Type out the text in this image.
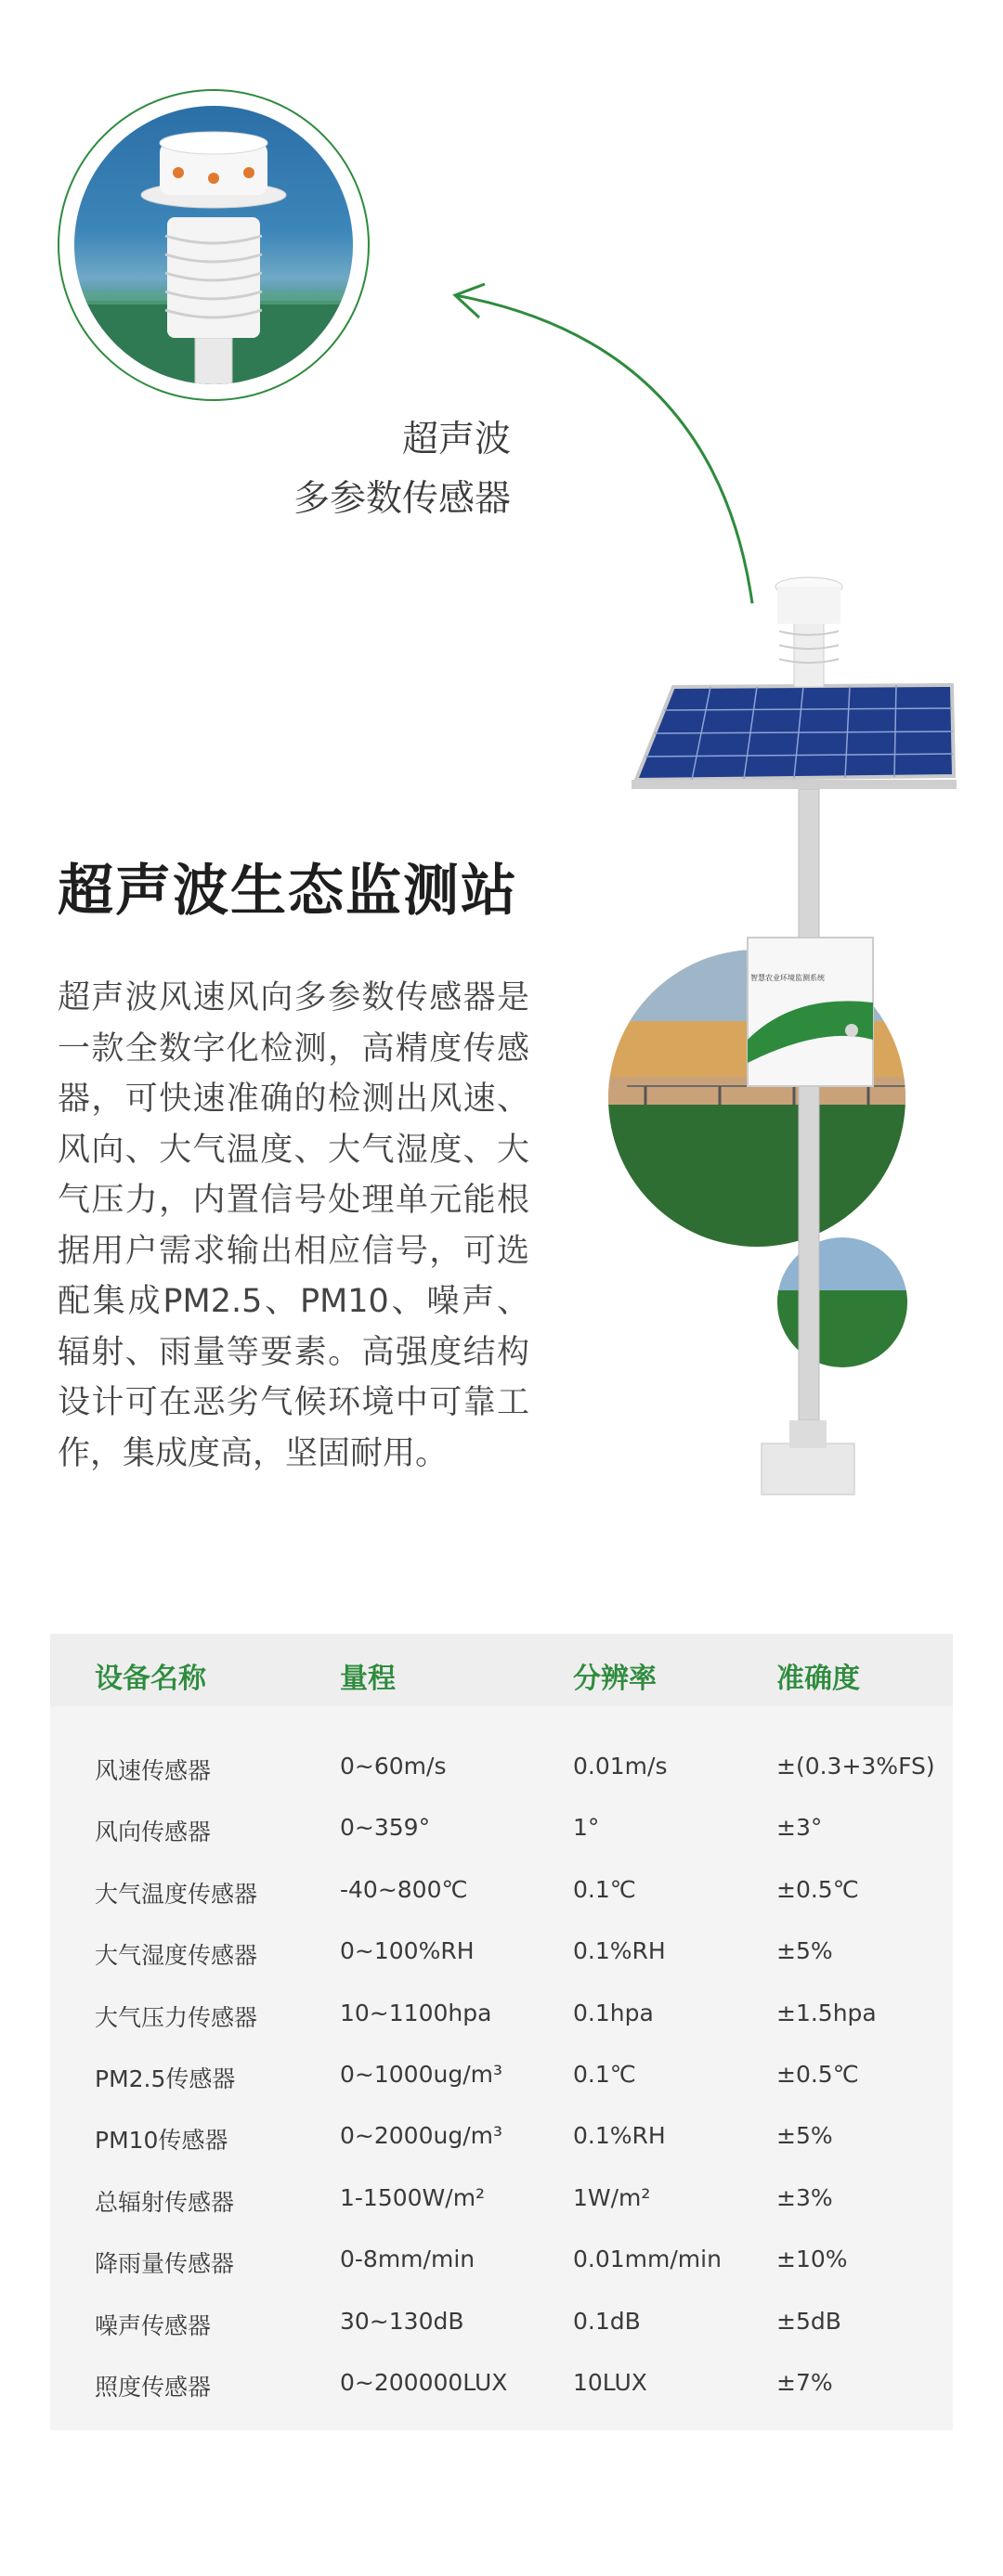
超声波
多参数传感器
智慧农业环境监测系统
超声波生态监测站
超声波风速风向多参数传感器是一款全数字化检测，高精度传感器，可快速准确的检测出风速、风向、大气温度、大气湿度、大气压力，内置信号处理单元能根据用户需求输出相应信号，可选配集成PM2.5、PM10、噪声、辐射、雨量等要素。高强度结构设计可在恶劣气候环境中可靠工作，集成度高，坚固耐用。
设备名称	量程	分辨率	准确度
风速传感器	0~60m/s	0.01m/s	±(0.3+3%FS)
风向传感器	0~359°	1°	±3°
大气温度传感器	-40~800℃	0.1℃	±0.5℃
大气湿度传感器	0~100%RH	0.1%RH	±5%
大气压力传感器	10~1100hpa	0.1hpa	±1.5hpa
PM2.5传感器	0~1000ug/m³	0.1℃	±0.5℃
PM10传感器	0~2000ug/m³	0.1%RH	±5%
总辐射传感器	1-1500W/m²	1W/m²	±3%
降雨量传感器	0-8mm/min	0.01mm/min ±10%
噪声传感器	30~130dB	0.1dB	±5dB
照度传感器	0~200000LUX	10LUX	±7%
